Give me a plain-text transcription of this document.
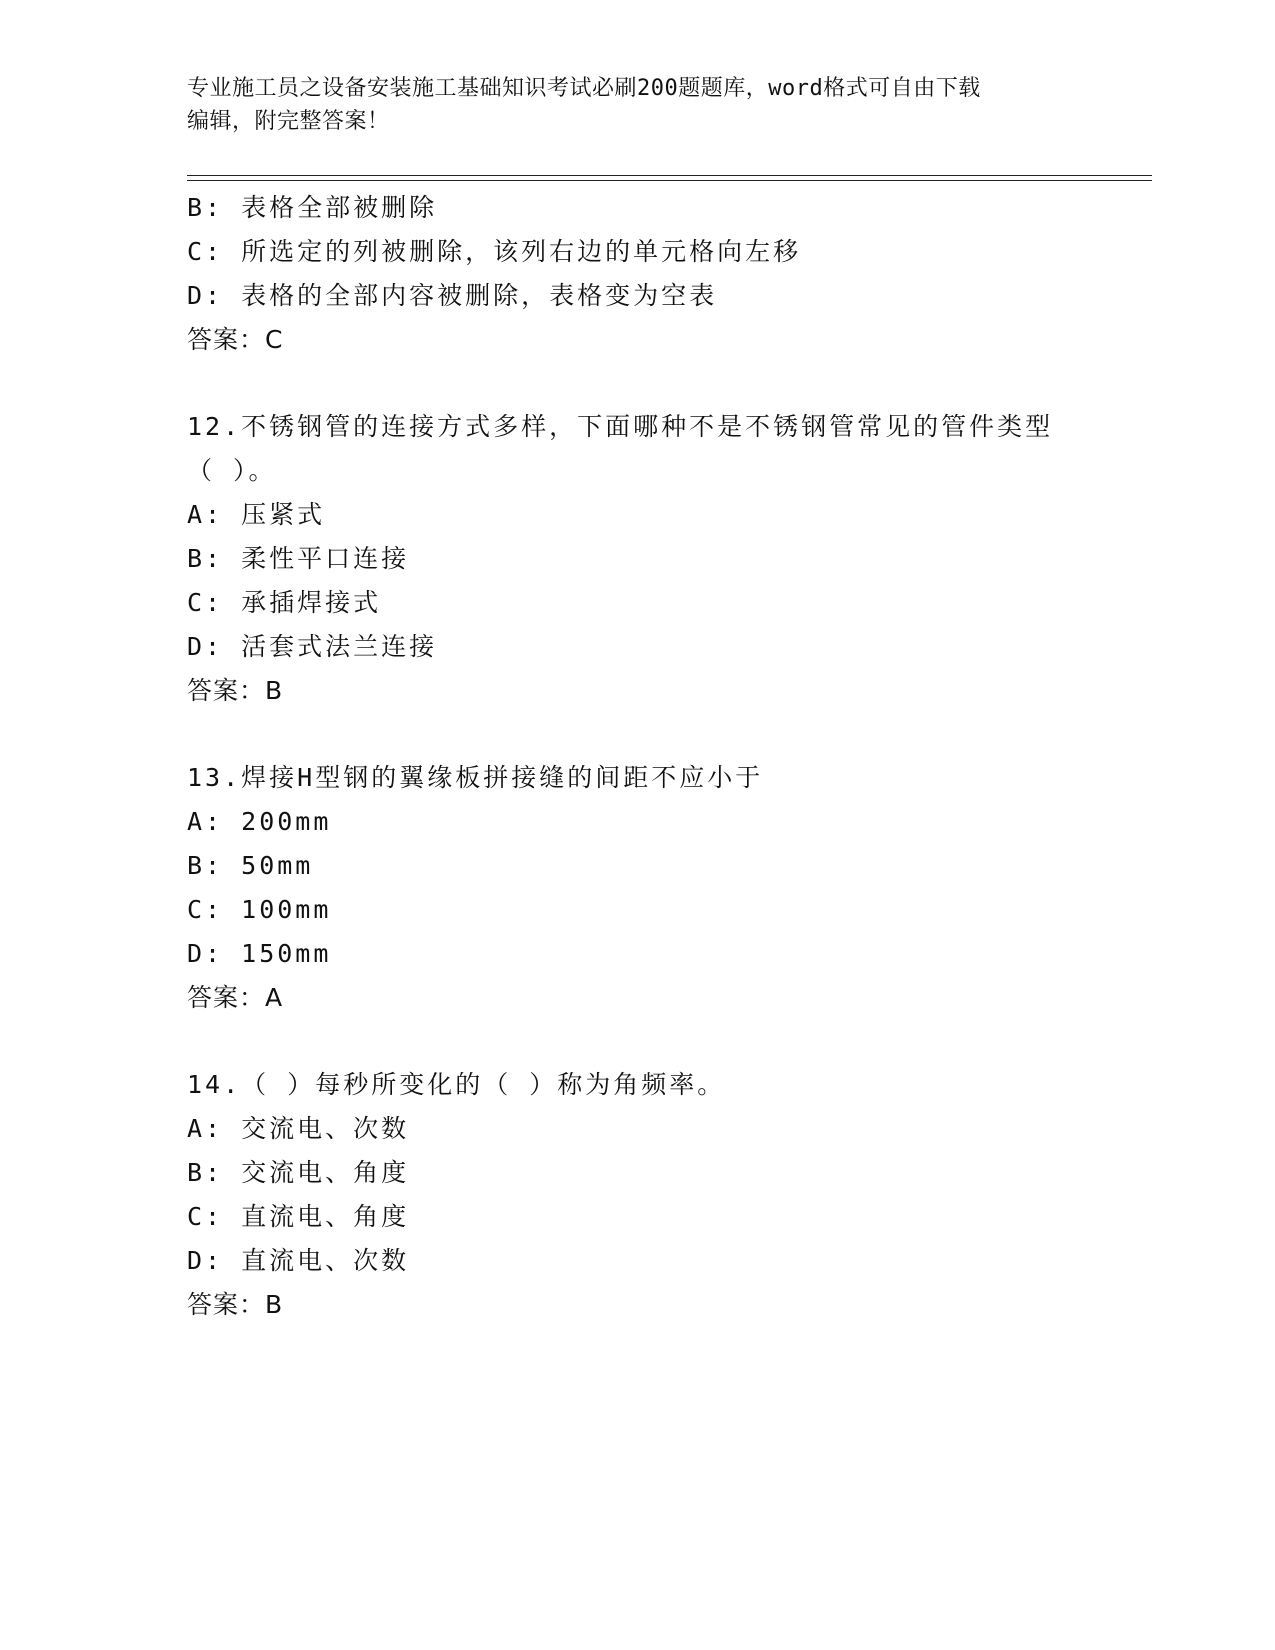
专业施工员之设备安装施工基础知识考试必刷200题题库，word格式可自由下载
编辑，附完整答案！
B: 表格全部被删除
C: 所选定的列被删除，该列右边的单元格向左移
D: 表格的全部内容被删除，表格变为空表
答案：C
12.不锈钢管的连接方式多样，下面哪种不是不锈钢管常见的管件类型
（ ）。
A: 压紧式
B: 柔性平口连接
C: 承插焊接式
D: 活套式法兰连接
答案：B
13.焊接H型钢的翼缘板拼接缝的间距不应小于
A: 200mm
B: 50mm
C: 100mm
D: 150mm
答案：A
14.（ ）每秒所变化的（ ）称为角频率。
A: 交流电、次数
B: 交流电、角度
C: 直流电、角度
D: 直流电、次数
答案：B
